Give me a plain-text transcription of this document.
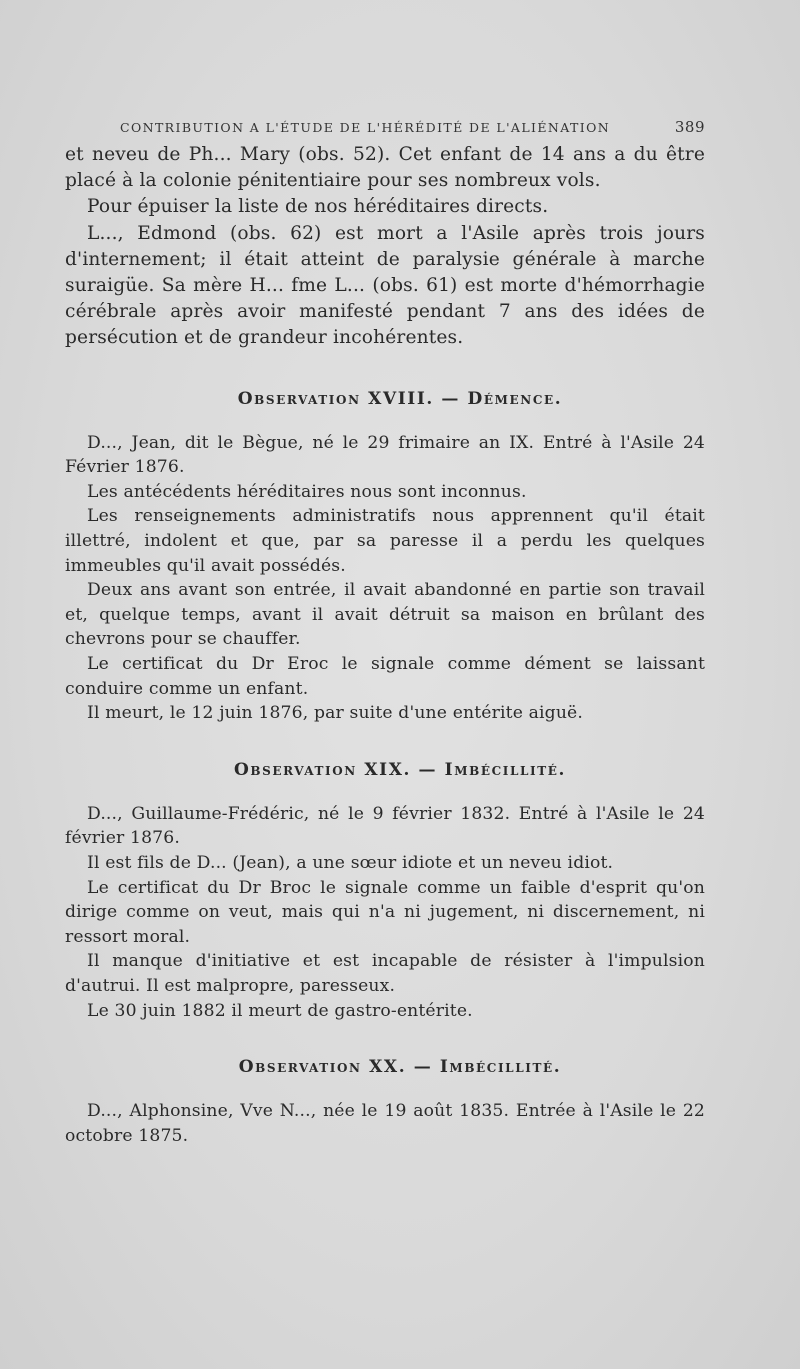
CONTRIBUTION A L'ÉTUDE DE L'HÉRÉDITÉ DE L'ALIÉNATION	389

et neveu de Ph... Mary (obs. 52). Cet enfant de 14 ans a du être placé à la colonie pénitentiaire pour ses nombreux vols.

Pour épuiser la liste de nos héréditaires directs.

L..., Edmond (obs. 62) est mort a l'Asile après trois jours d'internement; il était atteint de paralysie générale à marche suraigüe. Sa mère H... fme L... (obs. 61) est morte d'hémorrhagie cérébrale après avoir manifesté pendant 7 ans des idées de persécution et de grandeur incohérentes.

Observation XVIII. — Démence.

D..., Jean, dit le Bègue, né le 29 frimaire an IX. Entré à l'Asile 24 Février 1876.

Les antécédents héréditaires nous sont inconnus.

Les renseignements administratifs nous apprennent qu'il était illettré, indolent et que, par sa paresse il a perdu les quelques immeubles qu'il avait possédés.

Deux ans avant son entrée, il avait abandonné en partie son travail et, quelque temps, avant il avait détruit sa maison en brûlant des chevrons pour se chauffer.

Le certificat du Dr Eroc le signale comme dément se laissant conduire comme un enfant.

Il meurt, le 12 juin 1876, par suite d'une entérite aiguë.

Observation XIX. — Imbécillité.

D..., Guillaume-Frédéric, né le 9 février 1832. Entré à l'Asile le 24 février 1876.

Il est fils de D... (Jean), a une sœur idiote et un neveu idiot.

Le certificat du Dr Broc le signale comme un faible d'esprit qu'on dirige comme on veut, mais qui n'a ni jugement, ni discernement, ni ressort moral.

Il manque d'initiative et est incapable de résister à l'impulsion d'autrui. Il est malpropre, paresseux.

Le 30 juin 1882 il meurt de gastro-entérite.

Observation XX. — Imbécillité.

D..., Alphonsine, Vve N..., née le 19 août 1835. Entrée à l'Asile le 22 octobre 1875.
